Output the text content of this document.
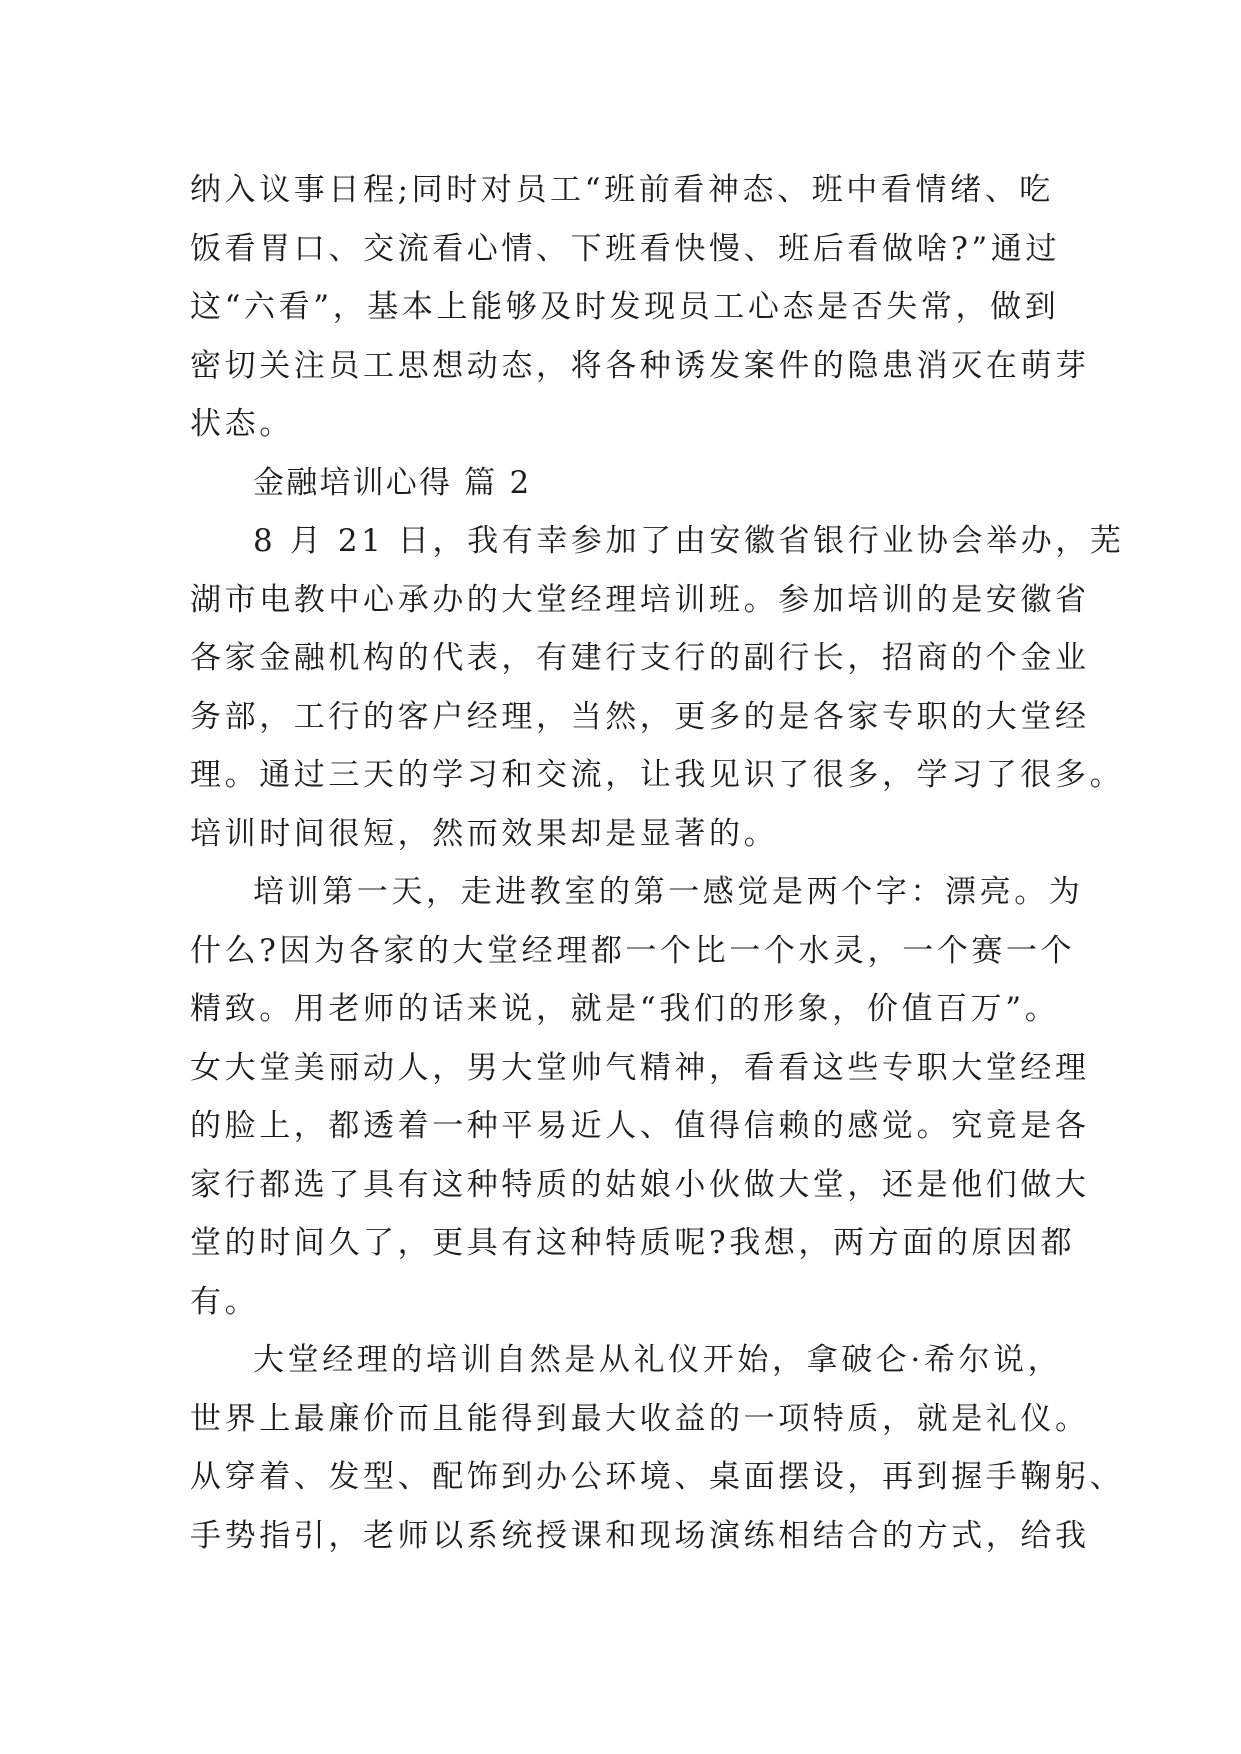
纳入议事日程;同时对员工“班前看神态、班中看情绪、吃
饭看胃口、交流看心情、下班看快慢、班后看做啥?”通过
这“六看”，基本上能够及时发现员工心态是否失常，做到
密切关注员工思想动态，将各种诱发案件的隐患消灭在萌芽
状态。
金融培训心得 篇 2
8 月 21 日，我有幸参加了由安徽省银行业协会举办，芜
湖市电教中心承办的大堂经理培训班。参加培训的是安徽省
各家金融机构的代表，有建行支行的副行长，招商的个金业
务部，工行的客户经理，当然，更多的是各家专职的大堂经
理。通过三天的学习和交流，让我见识了很多，学习了很多。
培训时间很短，然而效果却是显著的。
培训第一天，走进教室的第一感觉是两个字：漂亮。为
什么?因为各家的大堂经理都一个比一个水灵，一个赛一个
精致。用老师的话来说，就是“我们的形象，价值百万”。
女大堂美丽动人，男大堂帅气精神，看看这些专职大堂经理
的脸上，都透着一种平易近人、值得信赖的感觉。究竟是各
家行都选了具有这种特质的姑娘小伙做大堂，还是他们做大
堂的时间久了，更具有这种特质呢?我想，两方面的原因都
有。
大堂经理的培训自然是从礼仪开始，拿破仑·希尔说，
世界上最廉价而且能得到最大收益的一项特质，就是礼仪。
从穿着、发型、配饰到办公环境、桌面摆设，再到握手鞠躬、
手势指引，老师以系统授课和现场演练相结合的方式，给我
